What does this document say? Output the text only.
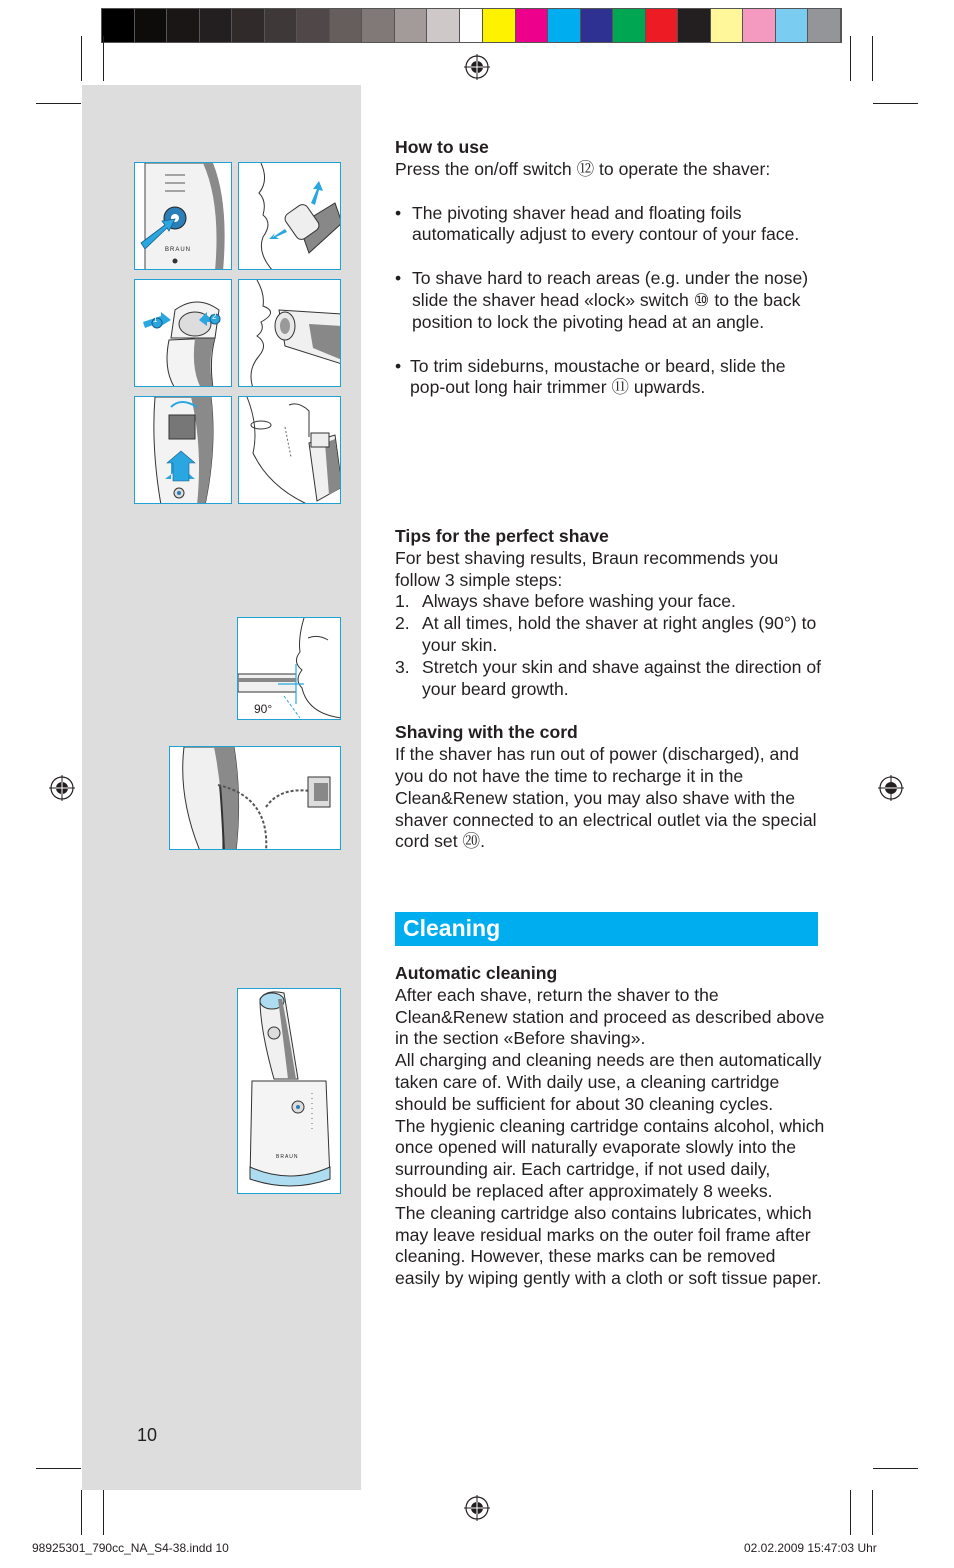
BRAUN
1	2
90°
BRAUN

How to use

Press the on/off switch ⑫ to operate the shaver:

• The pivoting shaver head and floating foils automatically adjust to every contour of your face.
• To shave hard to reach areas (e.g. under the nose) slide the shaver head «lock» switch ⑩ to the back position to lock the pivoting head at an angle.
• To trim sideburns, moustache or beard, slide the pop-out long hair trimmer ⑪ upwards.

Tips for the perfect shave

For best shaving results, Braun recommends you follow 3 simple steps:

1. Always shave before washing your face.
2. At all times, hold the shaver at right angles (90°) to your skin.
3. Stretch your skin and shave against the direction of your beard growth.

Shaving with the cord

If the shaver has run out of power (discharged), and you do not have the time to recharge it in the Clean&Renew station, you may also shave with the shaver connected to an electrical outlet via the special cord set ⑳.

Cleaning

Automatic cleaning

After each shave, return the shaver to the Clean&Renew station and proceed as described above in the section «Before shaving».

All charging and cleaning needs are then automatically taken care of. With daily use, a cleaning cartridge should be sufficient for about 30 cleaning cycles.

The hygienic cleaning cartridge contains alcohol, which once opened will naturally evaporate slowly into the surrounding air. Each cartridge, if not used daily, should be replaced after approximately 8 weeks.

The cleaning cartridge also contains lubricates, which may leave residual marks on the outer foil frame after cleaning. However, these marks can be removed easily by wiping gently with a cloth or soft tissue paper.

10
98925301_790cc_NA_S4-38.indd 10	02.02.2009 15:47:03 Uhr
